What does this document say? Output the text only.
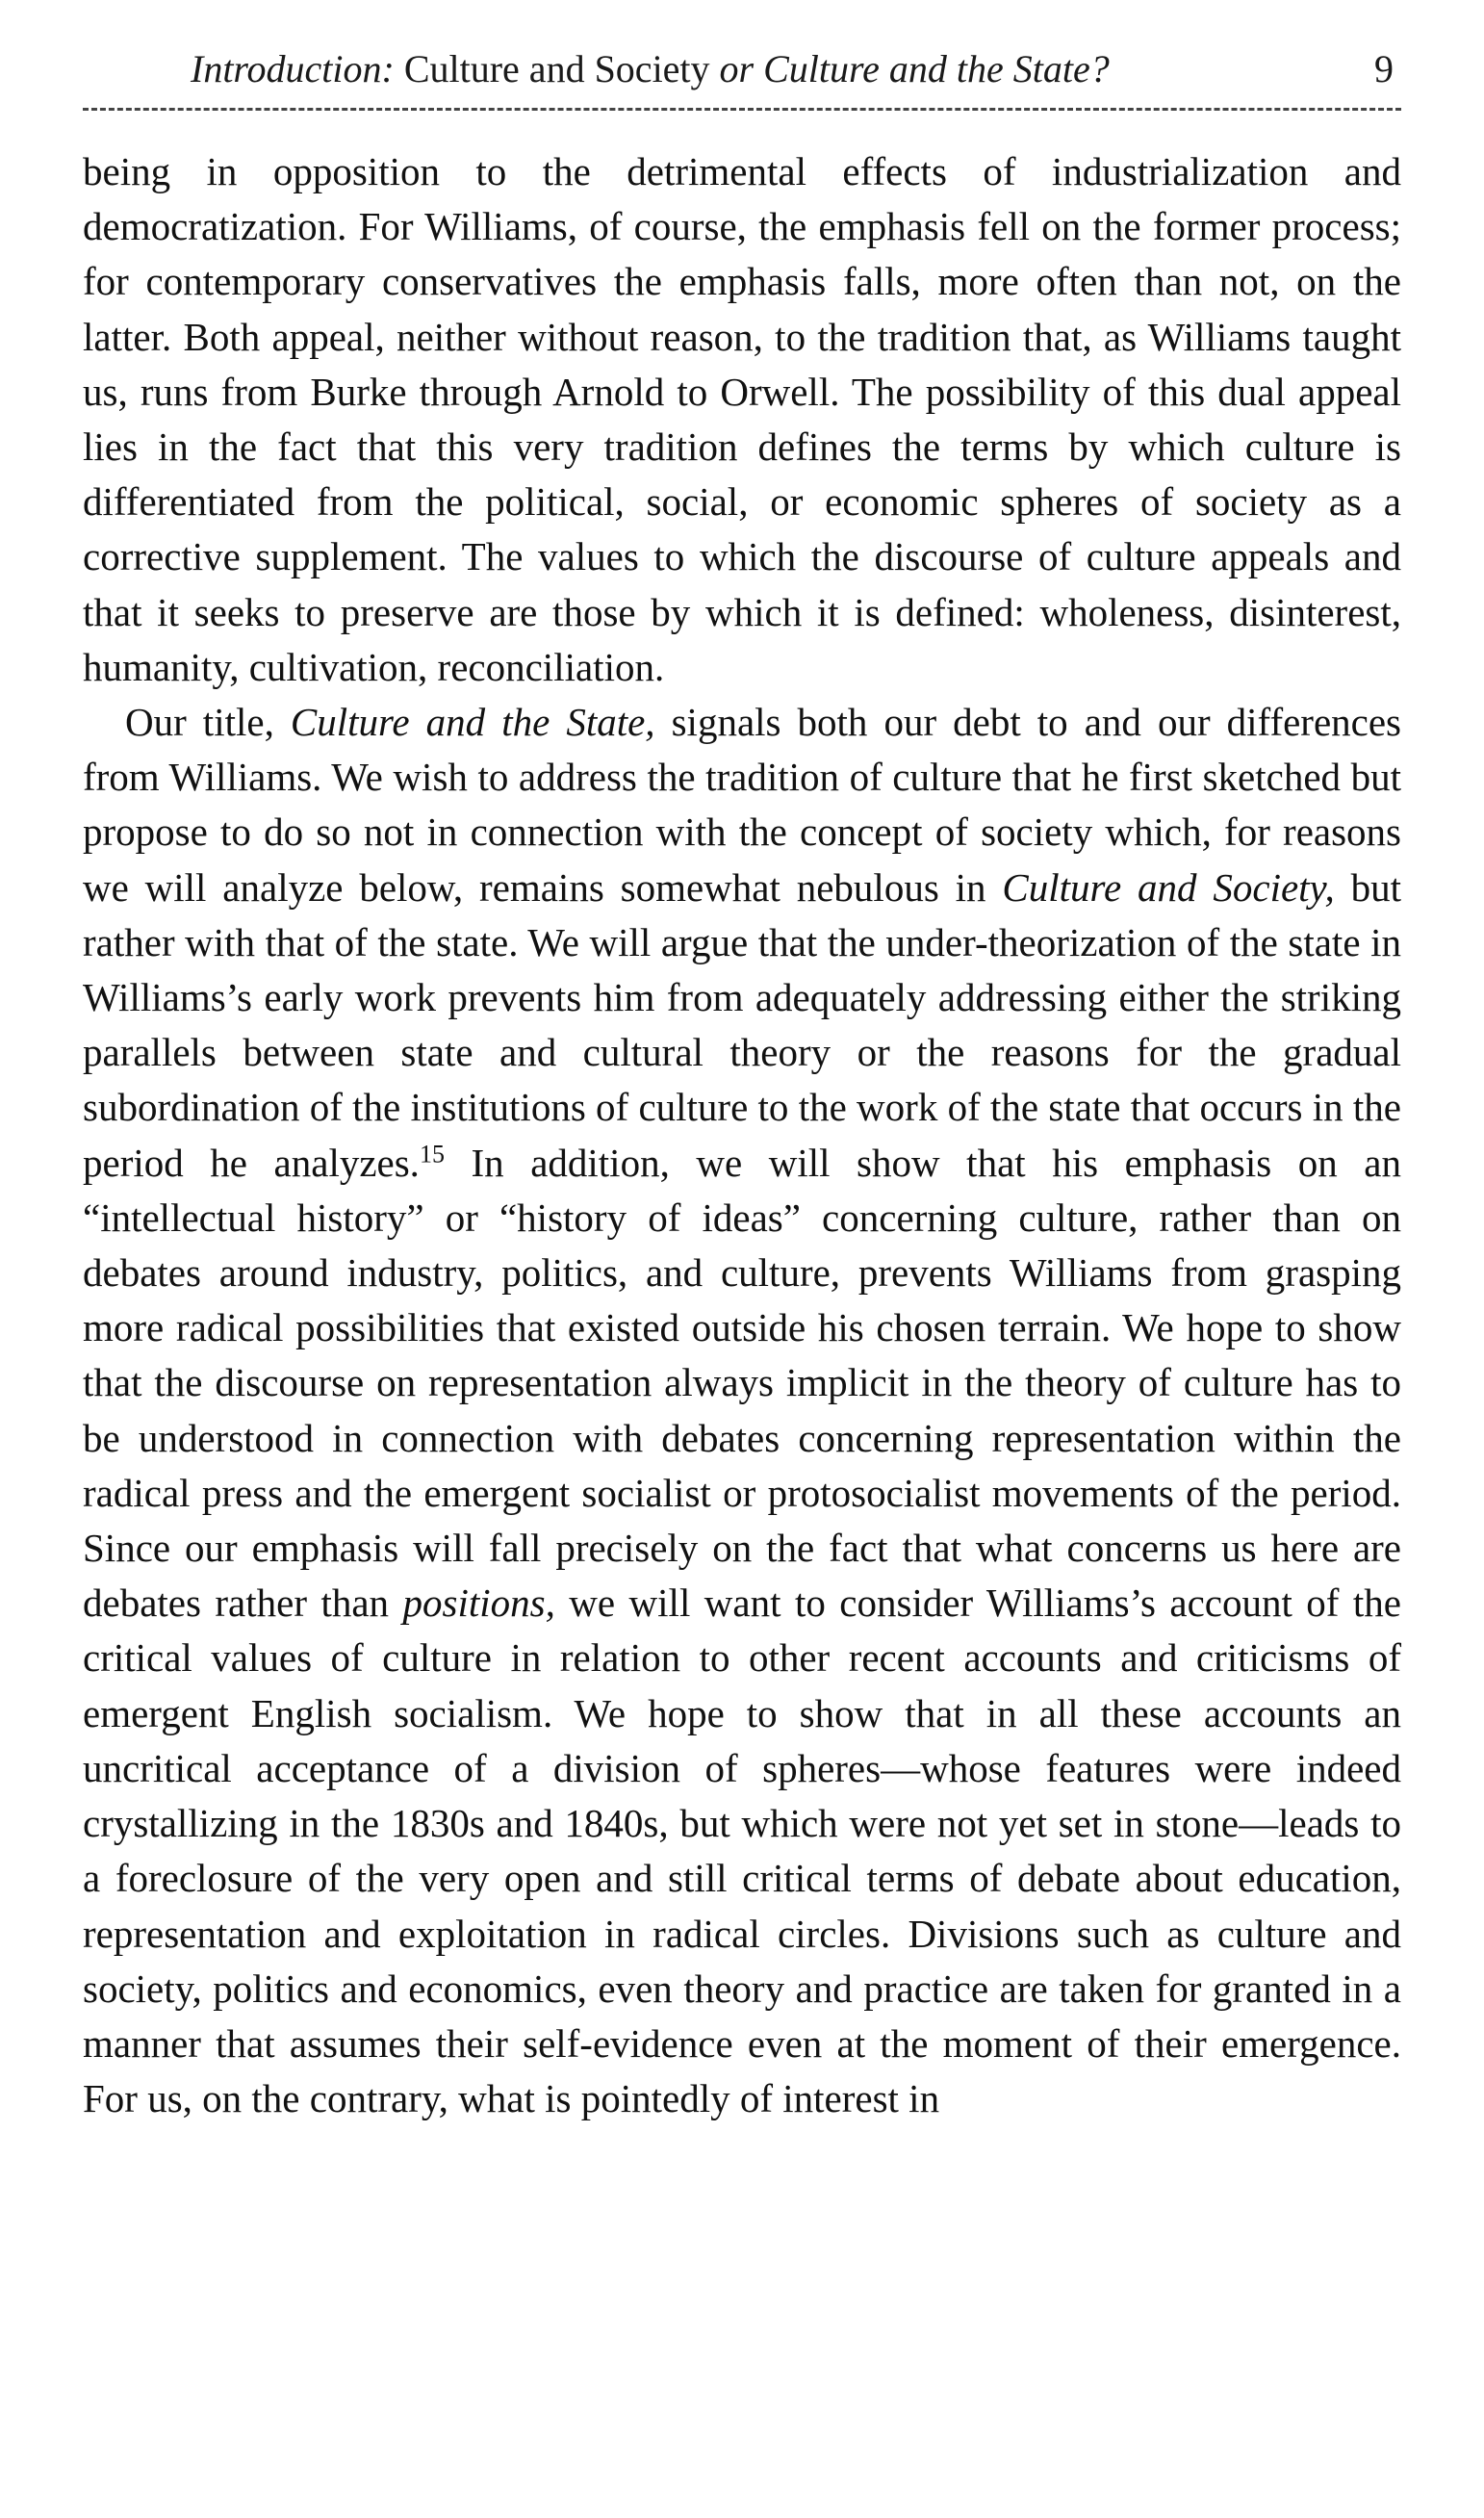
Introduction: Culture and Society or Culture and the State?	9

being in opposition to the detrimental effects of industrialization and democratization. For Williams, of course, the emphasis fell on the former process; for contemporary conservatives the emphasis falls, more often than not, on the latter. Both appeal, neither without reason, to the tradition that, as Williams taught us, runs from Burke through Arnold to Orwell. The possibility of this dual appeal lies in the fact that this very tradition defines the terms by which culture is differentiated from the political, social, or economic spheres of society as a corrective supplement. The values to which the discourse of culture appeals and that it seeks to preserve are those by which it is defined: wholeness, disinterest, humanity, cultivation, reconciliation.

Our title, Culture and the State, signals both our debt to and our differences from Williams. We wish to address the tradition of culture that he first sketched but propose to do so not in connection with the concept of society which, for reasons we will analyze below, remains somewhat nebulous in Culture and Society, but rather with that of the state. We will argue that the under-theorization of the state in Williams’s early work prevents him from adequately addressing either the striking parallels between state and cultural theory or the reasons for the gradual subordination of the institutions of culture to the work of the state that occurs in the period he analyzes.$^{15}$ In addition, we will show that his emphasis on an “intellectual history” or “history of ideas” concerning culture, rather than on debates around industry, politics, and culture, prevents Williams from grasping more radical possibilities that existed outside his chosen terrain. We hope to show that the discourse on representation always implicit in the theory of culture has to be understood in connection with debates concerning representation within the radical press and the emergent socialist or protosocialist movements of the period. Since our emphasis will fall precisely on the fact that what concerns us here are debates rather than positions, we will want to consider Williams’s account of the critical values of culture in relation to other recent accounts and criticisms of emergent English socialism. We hope to show that in all these accounts an uncritical acceptance of a division of spheres—whose features were indeed crystallizing in the 1830s and 1840s, but which were not yet set in stone—leads to a foreclosure of the very open and still critical terms of debate about education, representation and exploitation in radical circles. Divisions such as culture and society, politics and economics, even theory and practice are taken for granted in a manner that assumes their self-evidence even at the moment of their emergence. For us, on the contrary, what is pointedly of interest in
